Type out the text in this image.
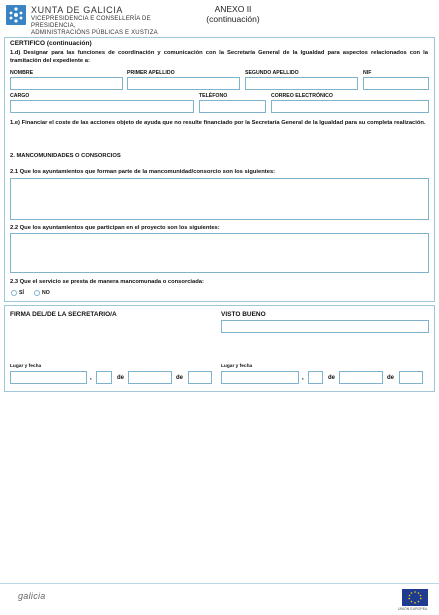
XUNTA DE GALICIA
VICEPRESIDENCIA E CONSELLERÍA DE PRESIDENCIA,
ADMINISTRACIÓNS PÚBLICAS E XUSTIZA
ANEXO II
(continuación)
CERTIFICO (continuación)
1.d) Designar para las funciones de coordinación y comunicación con la Secretaría General de la Igualdad para aspectos relacionados con la tramitación del expediente a:
NOMBRE	PRIMER APELLIDO	SEGUNDO APELLIDO	NIF
CARGO	TELÉFONO	CORREO ELECTRÓNICO
1.e) Financiar el coste de las acciones objeto de ayuda que no resulte financiado por la Secretaría General de la Igualdad para su completa realización.
2. MANCOMUNIDADES O CONSORCIOS
2.1 Que los ayuntamientos que forman parte de la mancomunidad/consorcio son los siguientes:
2.2 Que los ayuntamientos que participan en el proyecto son los siguientes:
2.3 Que el servicio se presta de manera mancomunada o consorciada:
SÍ	NO
FIRMA DEL/DE LA SECRETARIO/A	VISTO BUENO
Lugar y fecha
,	de	de
Lugar y fecha
,	de	de
galicia
UNIÓN EUROPEA
